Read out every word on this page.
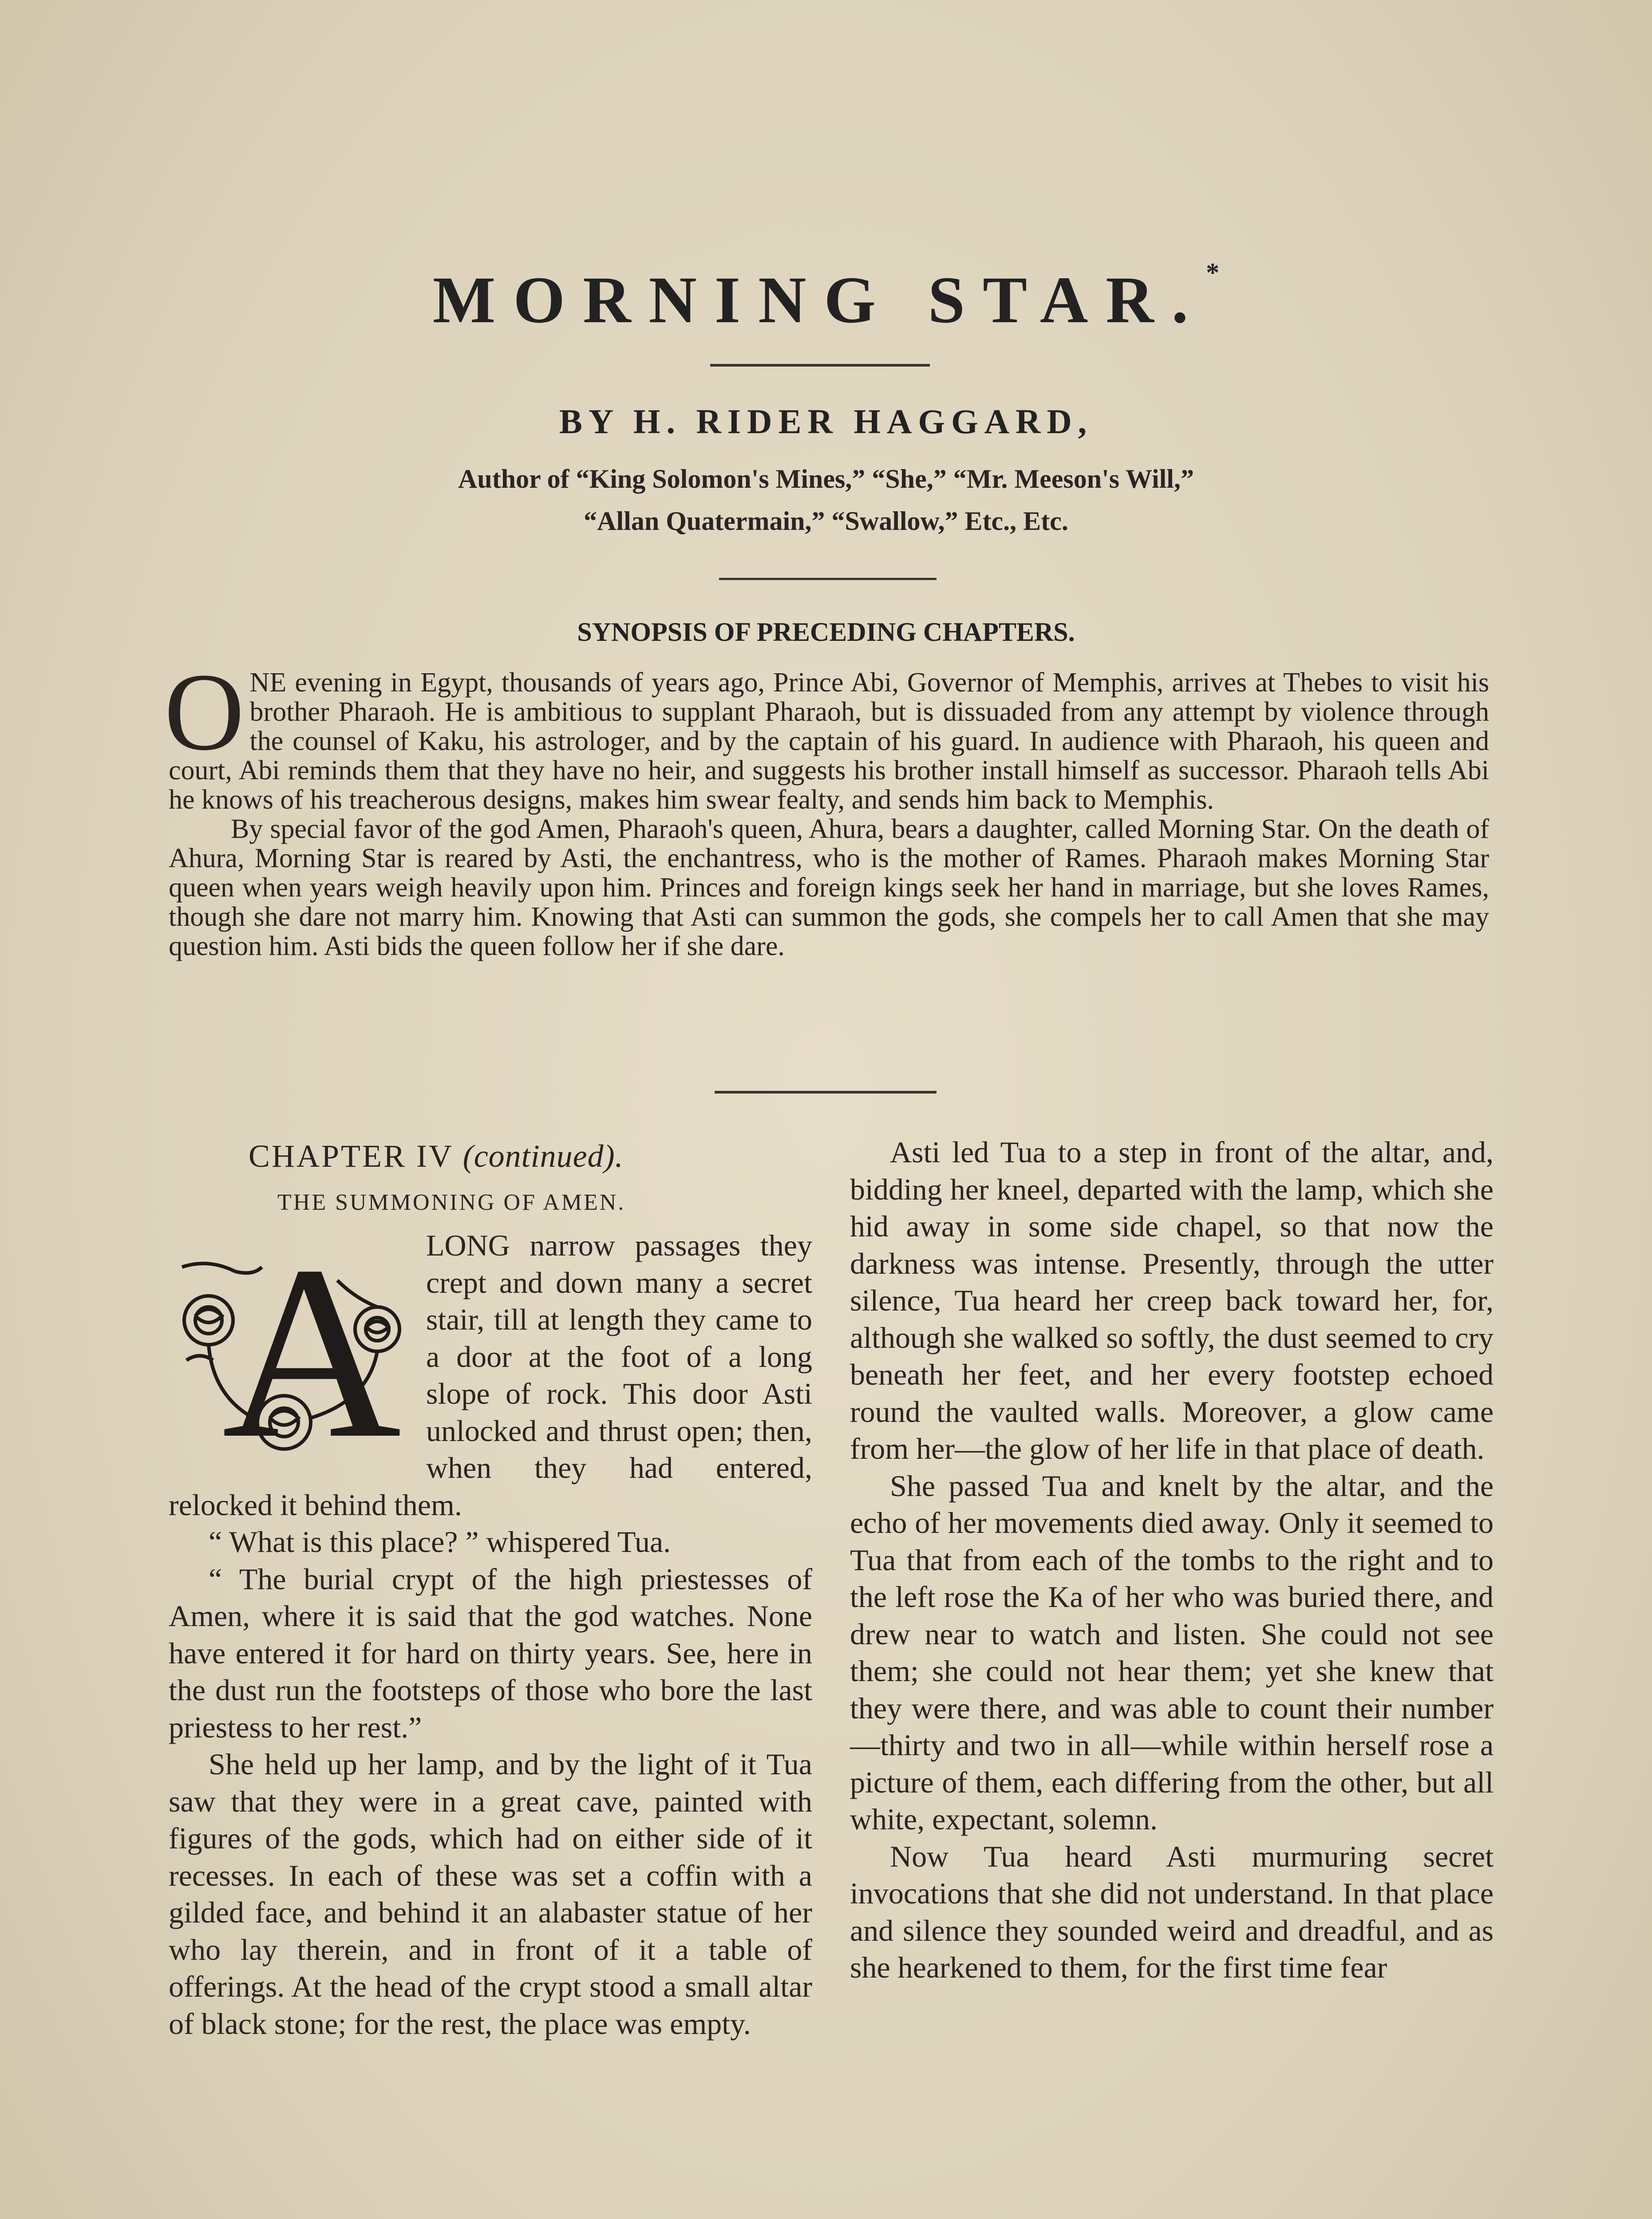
MORNING STAR.*
BY H. RIDER HAGGARD,
Author of “King Solomon's Mines,” “She,” “Mr. Meeson's Will,”
“Allan Quatermain,” “Swallow,” Etc., Etc.
SYNOPSIS OF PRECEDING CHAPTERS.

ONE evening in Egypt, thousands of years ago, Prince Abi, Governor of Memphis, arrives at Thebes to visit his brother Pharaoh. He is ambitious to supplant Pharaoh, but is dissuaded from any attempt by violence through the counsel of Kaku, his astrologer, and by the captain of his guard. In audience with Pharaoh, his queen and court, Abi reminds them that they have no heir, and suggests his brother install himself as successor. Pharaoh tells Abi he knows of his treacherous designs, makes him swear fealty, and sends him back to Memphis.

By special favor of the god Amen, Pharaoh's queen, Ahura, bears a daughter, called Morning Star. On the death of Ahura, Morning Star is reared by Asti, the enchantress, who is the mother of Rames. Pharaoh makes Morning Star queen when years weigh heavily upon him. Princes and foreign kings seek her hand in marriage, but she loves Rames, though she dare not marry him. Knowing that Asti can summon the gods, she compels her to call Amen that she may question him. Asti bids the queen follow her if she dare.

CHAPTER IV (continued).
THE SUMMONING OF AMEN.

A LONG narrow passages they crept and down many a secret stair, till at length they came to a door at the foot of a long slope of rock. This door Asti unlocked and thrust open; then, when they had entered, relocked it behind them.

“ What is this place? ” whispered Tua.

“ The burial crypt of the high priestesses of Amen, where it is said that the god watches. None have entered it for hard on thirty years. See, here in the dust run the footsteps of those who bore the last priestess to her rest.”

She held up her lamp, and by the light of it Tua saw that they were in a great cave, painted with figures of the gods, which had on either side of it recesses. In each of these was set a coffin with a gilded face, and behind it an alabaster statue of her who lay therein, and in front of it a table of offerings. At the head of the crypt stood a small altar of black stone; for the rest, the place was empty.

Asti led Tua to a step in front of the altar, and, bidding her kneel, departed with the lamp, which she hid away in some side chapel, so that now the darkness was intense. Presently, through the utter silence, Tua heard her creep back toward her, for, although she walked so softly, the dust seemed to cry beneath her feet, and her every footstep echoed round the vaulted walls. Moreover, a glow came from her—the glow of her life in that place of death.

She passed Tua and knelt by the altar, and the echo of her movements died away. Only it seemed to Tua that from each of the tombs to the right and to the left rose the Ka of her who was buried there, and drew near to watch and listen. She could not see them; she could not hear them; yet she knew that they were there, and was able to count their number—thirty and two in all—while within herself rose a picture of them, each differing from the other, but all white, expectant, solemn.

Now Tua heard Asti murmuring secret invocations that she did not understand. In that place and silence they sounded weird and dreadful, and as she hearkened to them, for the first time fear
